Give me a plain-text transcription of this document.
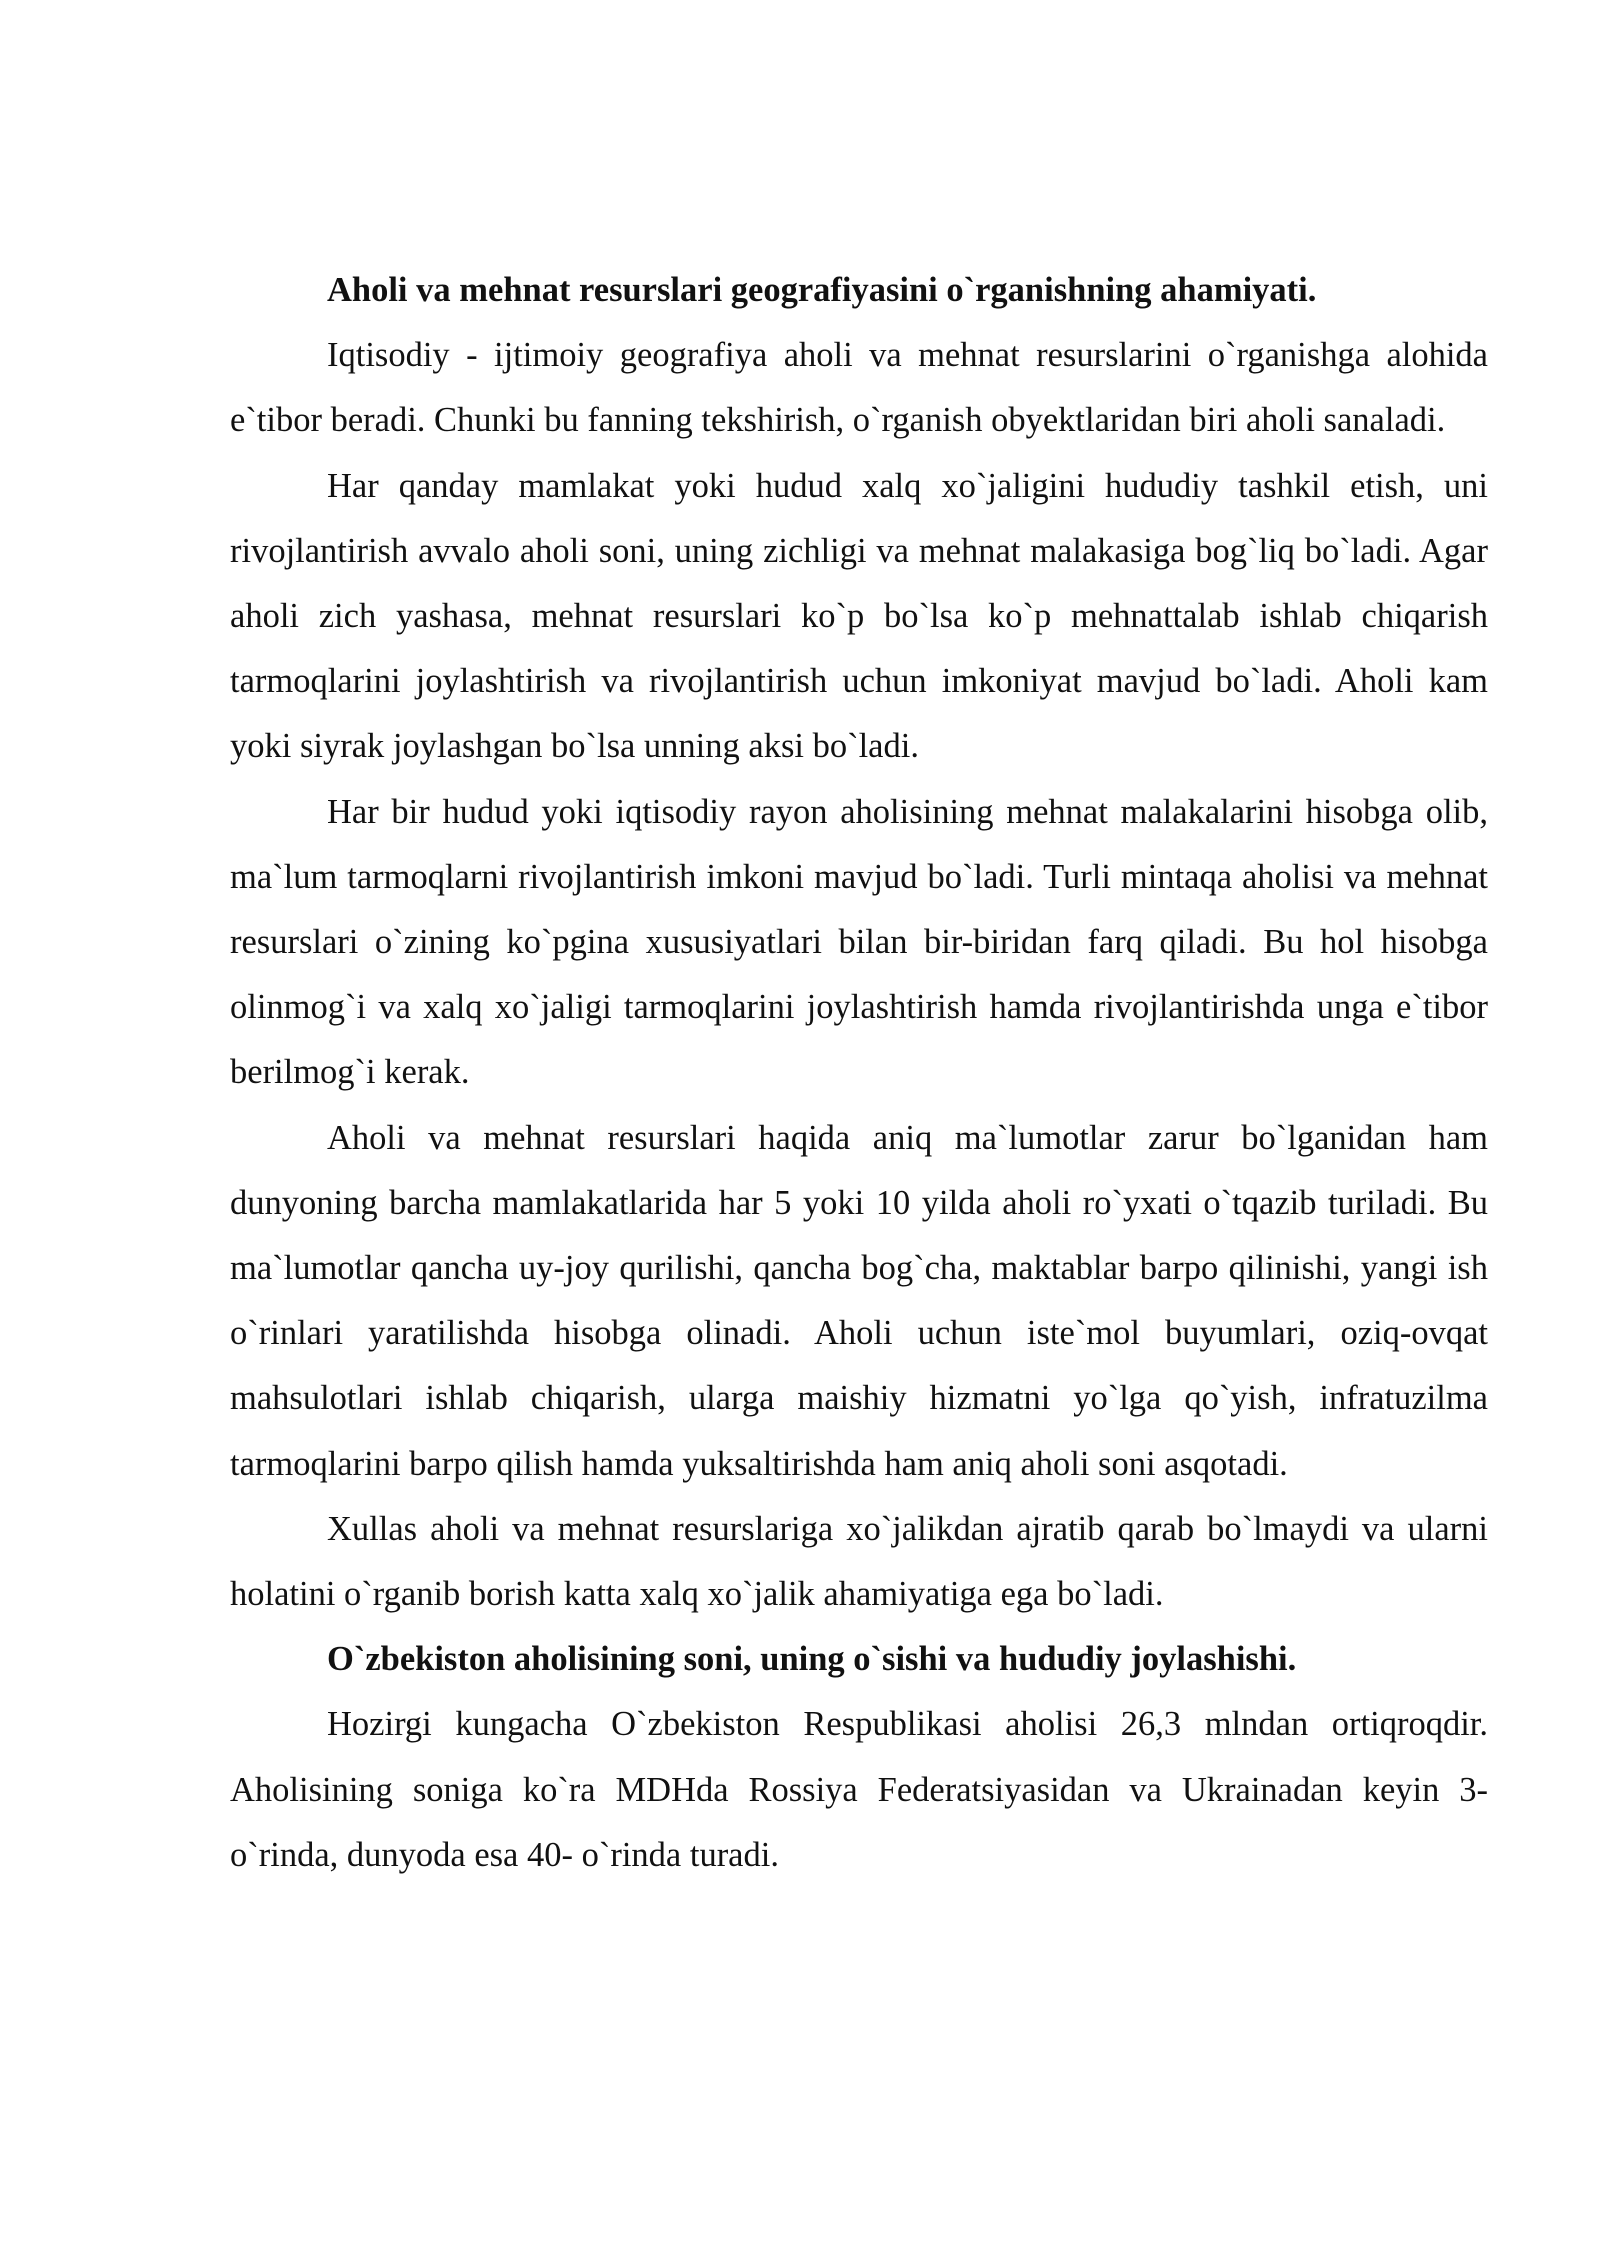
Aholi va mehnat resurslari geografiyasini o`rganishning ahamiyati.

Iqtisodiy - ijtimoiy geografiya aholi va mehnat resurslarini o`rganishga alohida e`tibor beradi. Chunki bu fanning tekshirish, o`rganish obyektlaridan biri aholi sanaladi.

Har qanday mamlakat yoki hudud xalq xo`jaligini hududiy tashkil etish, uni rivojlantirish avvalo aholi soni, uning zichligi va mehnat malakasiga bog`liq bo`ladi. Agar aholi zich yashasa, mehnat resurslari ko`p bo`lsa ko`p mehnattalab ishlab chiqarish tarmoqlarini joylashtirish va rivojlantirish uchun imkoniyat mavjud bo`ladi. Aholi kam yoki siyrak joylashgan bo`lsa unning aksi bo`ladi.

Har bir hudud yoki iqtisodiy rayon aholisining mehnat malakalarini hisobga olib, ma`lum tarmoqlarni rivojlantirish imkoni mavjud bo`ladi. Turli mintaqa aholisi va mehnat resurslari o`zining ko`pgina xususiyatlari bilan bir-biridan farq qiladi. Bu hol hisobga olinmog`i va xalq xo`jaligi tarmoqlarini joylashtirish hamda rivojlantirishda unga e`tibor berilmog`i kerak.

Aholi va mehnat resurslari haqida aniq ma`lumotlar zarur bo`lganidan ham dunyoning barcha mamlakatlarida har 5 yoki 10 yilda aholi ro`yxati o`tqazib turiladi. Bu ma`lumotlar qancha uy-joy qurilishi, qancha bog`cha, maktablar barpo qilinishi, yangi ish o`rinlari yaratilishda hisobga olinadi. Aholi uchun iste`mol buyumlari, oziq-ovqat mahsulotlari ishlab chiqarish, ularga maishiy hizmatni yo`lga qo`yish, infratuzilma tarmoqlarini barpo qilish hamda yuksaltirishda ham aniq aholi soni asqotadi.

Xullas aholi va mehnat resurslariga xo`jalikdan ajratib qarab bo`lmaydi va ularni holatini o`rganib borish katta xalq xo`jalik ahamiyatiga ega bo`ladi.

O`zbekiston aholisining soni, uning o`sishi va hududiy joylashishi.

Hozirgi kungacha O`zbekiston Respublikasi aholisi 26,3 mlndan ortiqroqdir. Aholisining soniga ko`ra MDHda Rossiya Federatsiyasidan va Ukrainadan keyin 3-o`rinda, dunyoda esa 40- o`rinda turadi.
